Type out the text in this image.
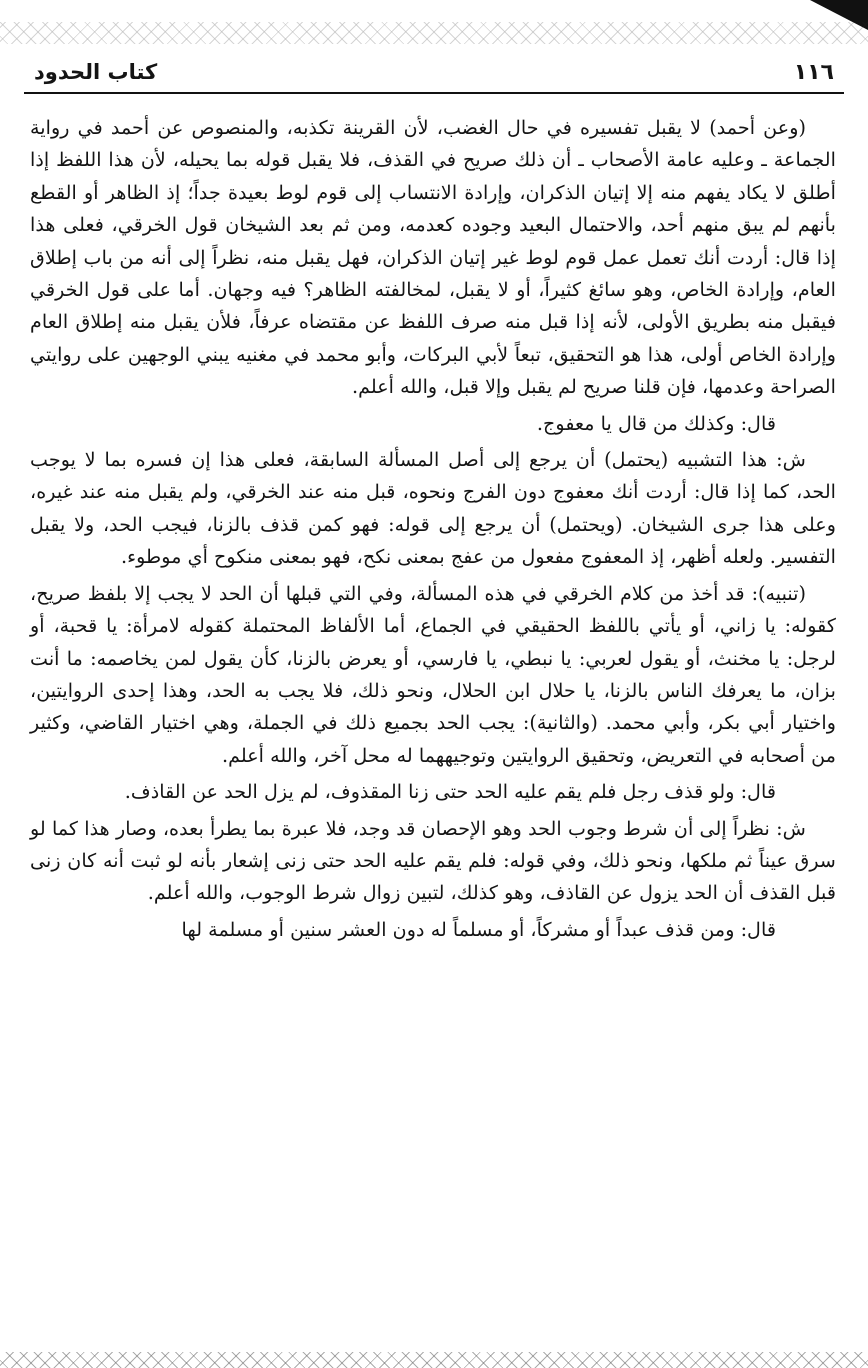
١١٦
كتاب الحدود

(وعن أحمد) لا يقبل تفسيره في حال الغضب، لأن القرينة تكذبه، والمنصوص عن أحمد في رواية الجماعة ـ وعليه عامة الأصحاب ـ أن ذلك صريح في القذف، فلا يقبل قوله بما يحيله، لأن هذا اللفظ إذا أطلق لا يكاد يفهم منه إلا إتيان الذكران، وإرادة الانتساب إلى قوم لوط بعيدة جداً؛ إذ الظاهر أو القطع بأنهم لم يبق منهم أحد، والاحتمال البعيد وجوده كعدمه، ومن ثم بعد الشيخان قول الخرقي، فعلى هذا إذا قال: أردت أنك تعمل عمل قوم لوط غير إتيان الذكران، فهل يقبل منه، نظراً إلى أنه من باب إطلاق العام، وإرادة الخاص، وهو سائغ كثيراً، أو لا يقبل، لمخالفته الظاهر؟ فيه وجهان. أما على قول الخرقي فيقبل منه بطريق الأولى، لأنه إذا قبل منه صرف اللفظ عن مقتضاه عرفاً، فلأن يقبل منه إطلاق العام وإرادة الخاص أولى، هذا هو التحقيق، تبعاً لأبي البركات، وأبو محمد في مغنيه يبني الوجهين على روايتي الصراحة وعدمها، فإن قلنا صريح لم يقبل وإلا قبل، والله أعلم.

قال: وكذلك من قال يا معفوج.

ش: هذا التشبيه (يحتمل) أن يرجع إلى أصل المسألة السابقة، فعلى هذا إن فسره بما لا يوجب الحد، كما إذا قال: أردت أنك معفوج دون الفرج ونحوه، قبل منه عند الخرقي، ولم يقبل منه عند غيره، وعلى هذا جرى الشيخان. (ويحتمل) أن يرجع إلى قوله: فهو كمن قذف بالزنا، فيجب الحد، ولا يقبل التفسير. ولعله أظهر، إذ المعفوج مفعول من عفج بمعنى نكح، فهو بمعنى منكوح أي موطوء.

(تنبيه): قد أخذ من كلام الخرقي في هذه المسألة، وفي التي قبلها أن الحد لا يجب إلا بلفظ صريح، كقوله: يا زاني، أو يأتي باللفظ الحقيقي في الجماع، أما الألفاظ المحتملة كقوله لامرأة: يا قحبة، أو لرجل: يا مخنث، أو يقول لعربي: يا نبطي، يا فارسي، أو يعرض بالزنا، كأن يقول لمن يخاصمه: ما أنت بزان، ما يعرفك الناس بالزنا، يا حلال ابن الحلال، ونحو ذلك، فلا يجب به الحد، وهذا إحدى الروايتين، واختيار أبي بكر، وأبي محمد. (والثانية): يجب الحد بجميع ذلك في الجملة، وهي اختيار القاضي، وكثير من أصحابه في التعريض، وتحقيق الروايتين وتوجيههما له محل آخر، والله أعلم.

قال: ولو قذف رجل فلم يقم عليه الحد حتى زنا المقذوف، لم يزل الحد عن القاذف.

ش: نظراً إلى أن شرط وجوب الحد وهو الإحصان قد وجد، فلا عبرة بما يطرأ بعده، وصار هذا كما لو سرق عيناً ثم ملكها، ونحو ذلك، وفي قوله: فلم يقم عليه الحد حتى زنى إشعار بأنه لو ثبت أنه كان زنى قبل القذف أن الحد يزول عن القاذف، وهو كذلك، لتبين زوال شرط الوجوب، والله أعلم.

قال: ومن قذف عبداً أو مشركاً، أو مسلماً له دون العشر سنين أو مسلمة لها
